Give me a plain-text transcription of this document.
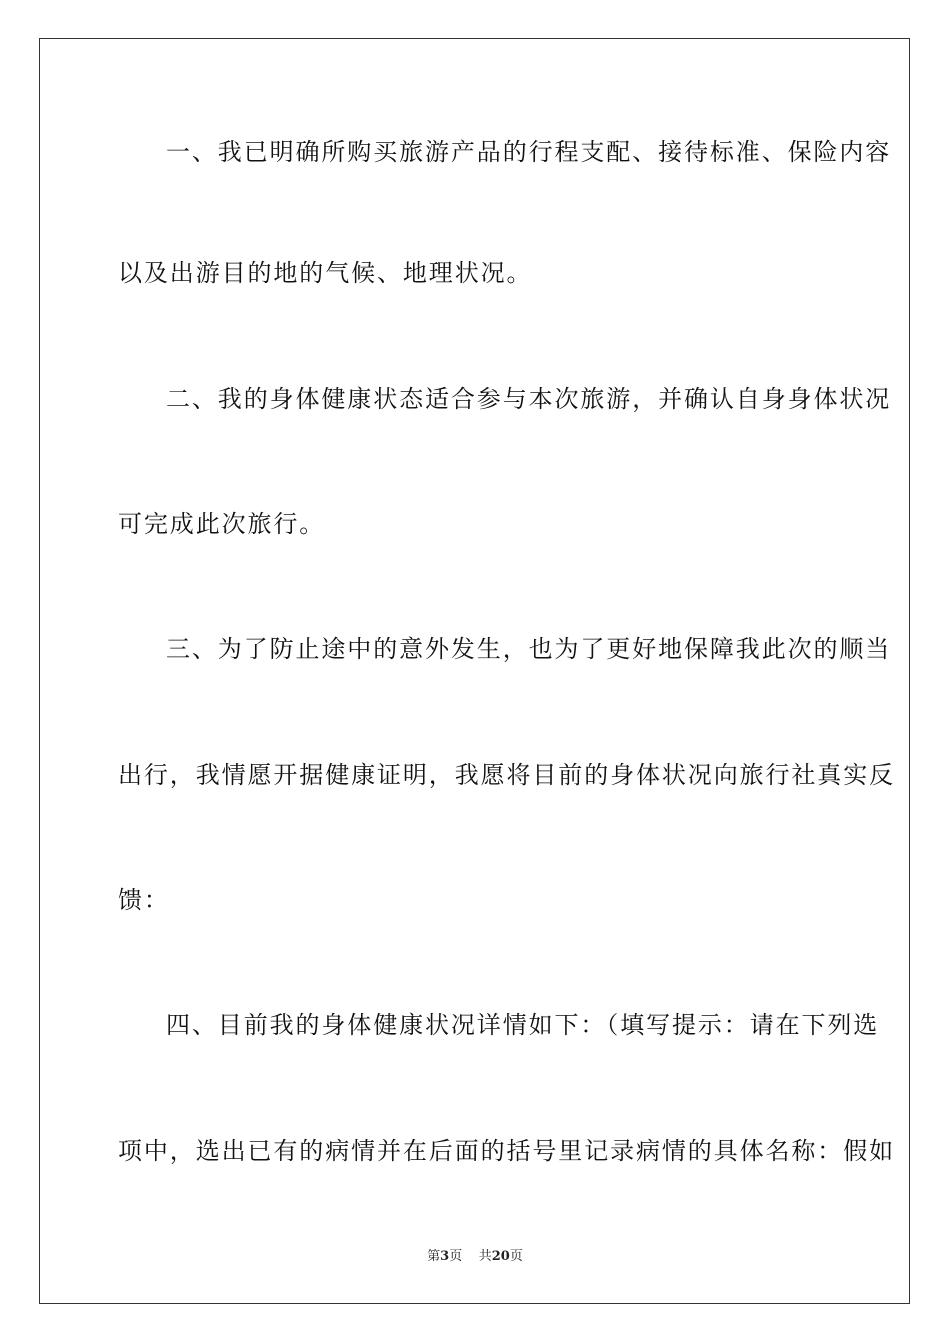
一、我已明确所购买旅游产品的行程支配、接待标准、保险内容
以及出游目的地的气候、地理状况。
二、我的身体健康状态适合参与本次旅游，并确认自身身体状况
可完成此次旅行。
三、为了防止途中的意外发生，也为了更好地保障我此次的顺当
出行，我情愿开据健康证明，我愿将目前的身体状况向旅行社真实反
馈：
四、目前我的身体健康状况详情如下：（填写提示：请在下列选
项中，选出已有的病情并在后面的括号里记录病情的具体名称：假如
第3页 共20页
